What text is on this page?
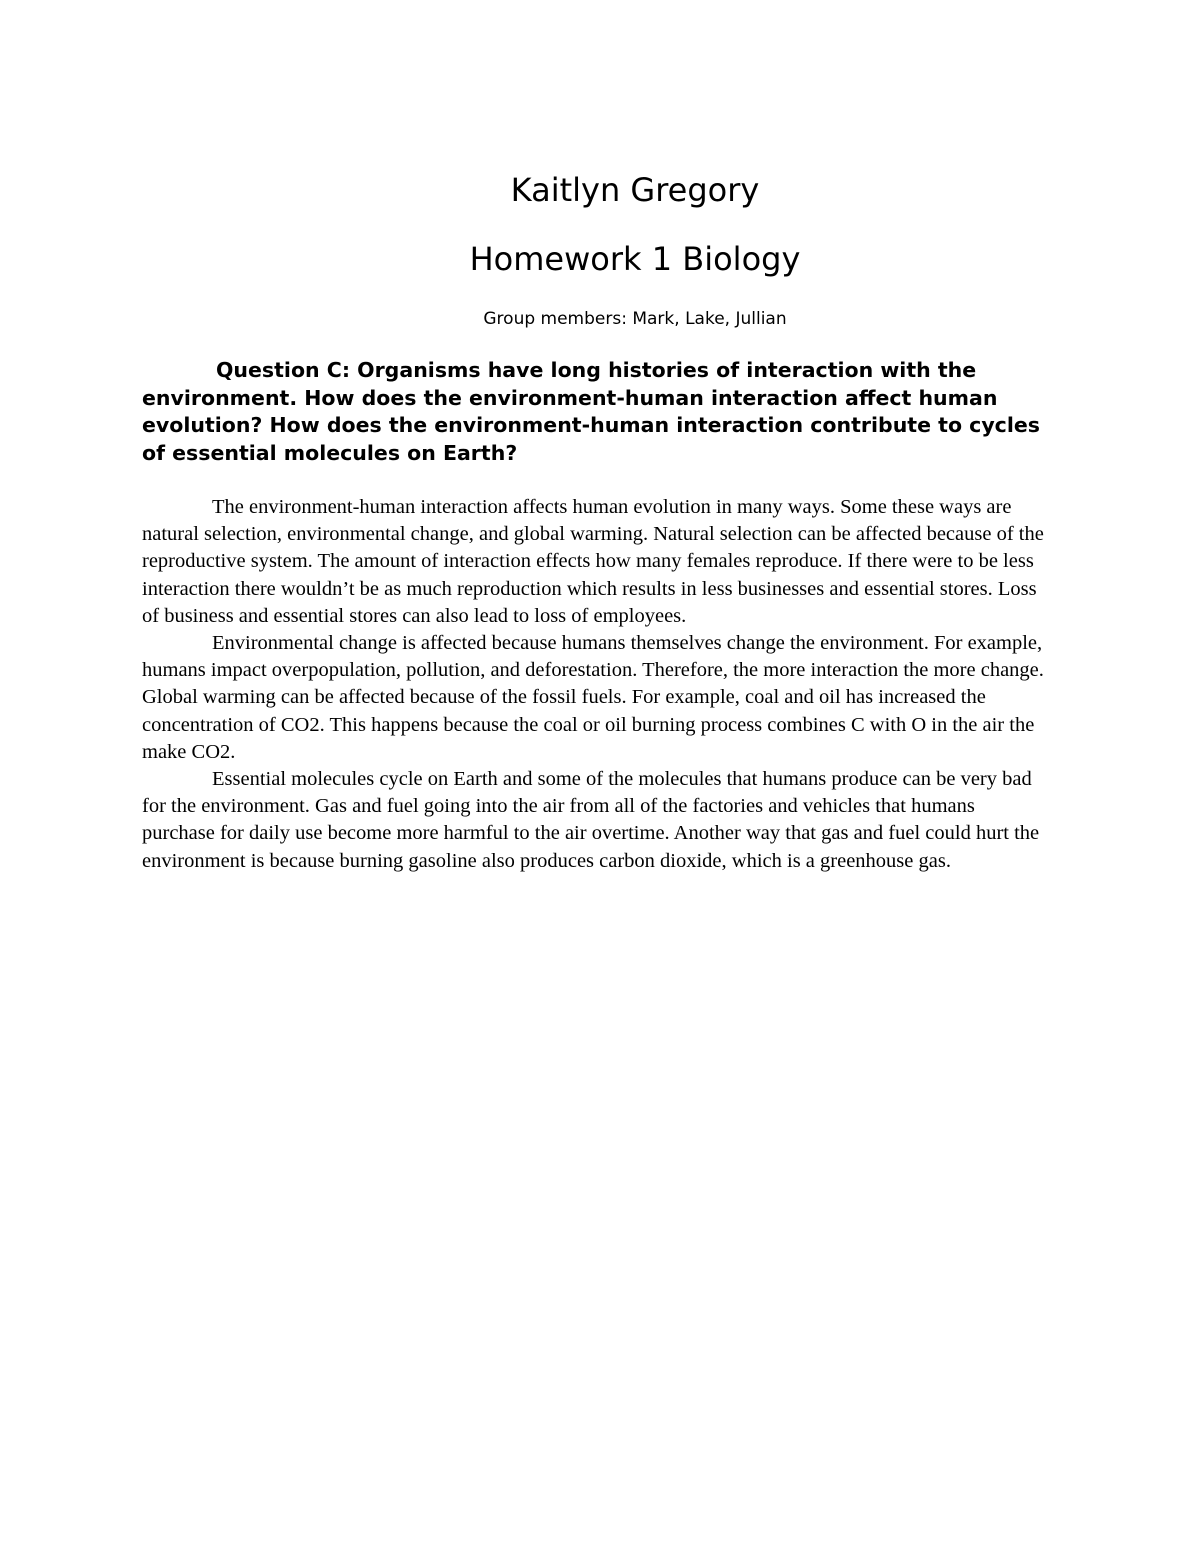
Kaitlyn Gregory
Homework 1 Biology
Group members: Mark, Lake, Jullian
Question C: Organisms have long histories of interaction with the environment. How does the environment-human interaction affect human evolution? How does the environment-human interaction contribute to cycles of essential molecules on Earth?

The environment-human interaction affects human evolution in many ways. Some these ways are natural selection, environmental change, and global warming. Natural selection can be affected because of the reproductive system. The amount of interaction effects how many females reproduce. If there were to be less interaction there wouldn’t be as much reproduction which results in less businesses and essential stores. Loss of business and essential stores can also lead to loss of employees.

Environmental change is affected because humans themselves change the environment. For example, humans impact overpopulation, pollution, and deforestation. Therefore, the more interaction the more change. Global warming can be affected because of the fossil fuels. For example, coal and oil has increased the concentration of CO2. This happens because the coal or oil burning process combines C with O in the air the make CO2.

Essential molecules cycle on Earth and some of the molecules that humans produce can be very bad for the environment. Gas and fuel going into the air from all of the factories and vehicles that humans purchase for daily use become more harmful to the air overtime. Another way that gas and fuel could hurt the environment is because burning gasoline also produces carbon dioxide, which is a greenhouse gas.
